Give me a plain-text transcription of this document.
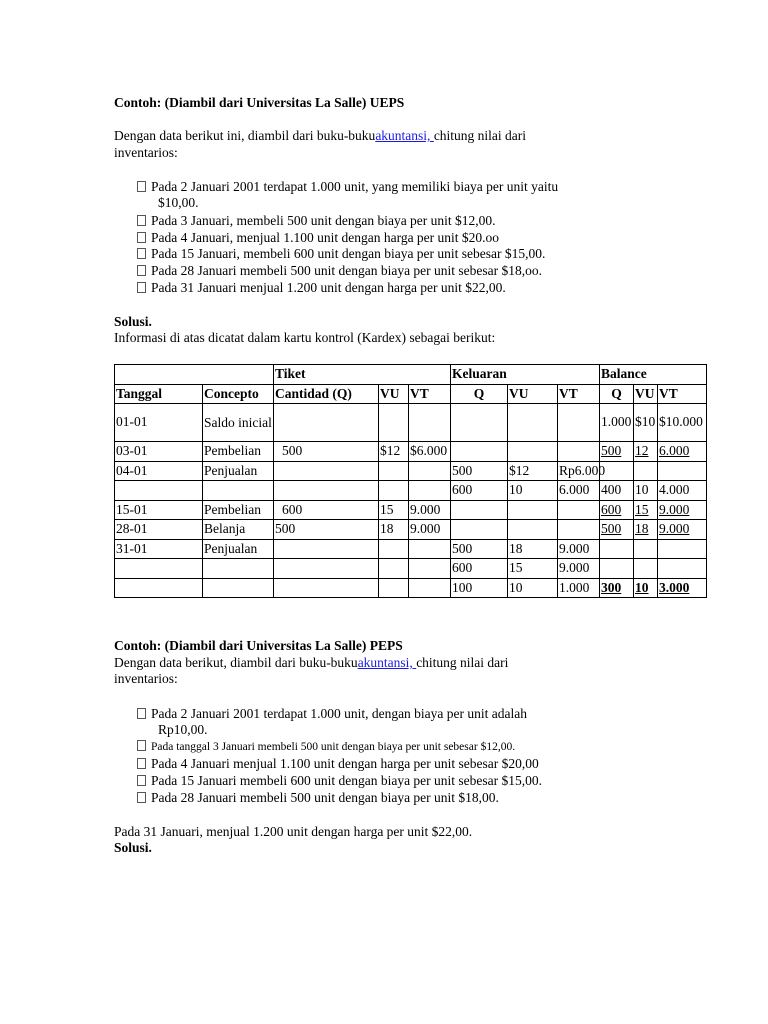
Contoh: (Diambil dari Universitas La Salle) UEPS
Dengan data berikut ini, diambil dari buku-bukuakuntansi, chitung nilai dari
inventarios:
Pada 2 Januari 2001 terdapat 1.000 unit, yang memiliki biaya per unit yaitu
$10,00.
Pada 3 Januari, membeli 500 unit dengan biaya per unit $12,00.
Pada 4 Januari, menjual 1.100 unit dengan harga per unit $20.oo
Pada 15 Januari, membeli 600 unit dengan biaya per unit sebesar $15,00.
Pada 28 Januari membeli 500 unit dengan biaya per unit sebesar $18,oo.
Pada 31 Januari menjual 1.200 unit dengan harga per unit $22,00.
Solusi.
Informasi di atas dicatat dalam kartu kontrol (Kardex) sebagai berikut:
		Tiket			Keluaran			Balance		
Tanggal	Concepto	Cantidad (Q)	VU	VT	Q	VU	VT	Q	VU	VT
01-01	Saldo inicial							1.000	$10	$10.000
03-01	Pembelian	500	$12	$6.000				500	12	6.000
04-01	Penjualan				500	$12	Rp6.000			
					600	10	6.000	400	10	4.000
15-01	Pembelian	600	15	9.000				600	15	9.000
28-01	Belanja	500	18	9.000				500	18	9.000
31-01	Penjualan				500	18	9.000			
					600	15	9.000			
					100	10	1.000	300	10	3.000
Contoh: (Diambil dari Universitas La Salle) PEPS
Dengan data berikut, diambil dari buku-bukuakuntansi, chitung nilai dari
inventarios:
Pada 2 Januari 2001 terdapat 1.000 unit, dengan biaya per unit adalah
Rp10,00.
Pada tanggal 3 Januari membeli 500 unit dengan biaya per unit sebesar $12,00.
Pada 4 Januari menjual 1.100 unit dengan harga per unit sebesar $20,00
Pada 15 Januari membeli 600 unit dengan biaya per unit sebesar $15,00.
Pada 28 Januari membeli 500 unit dengan biaya per unit $18,00.
Pada 31 Januari, menjual 1.200 unit dengan harga per unit $22,00.
Solusi.
